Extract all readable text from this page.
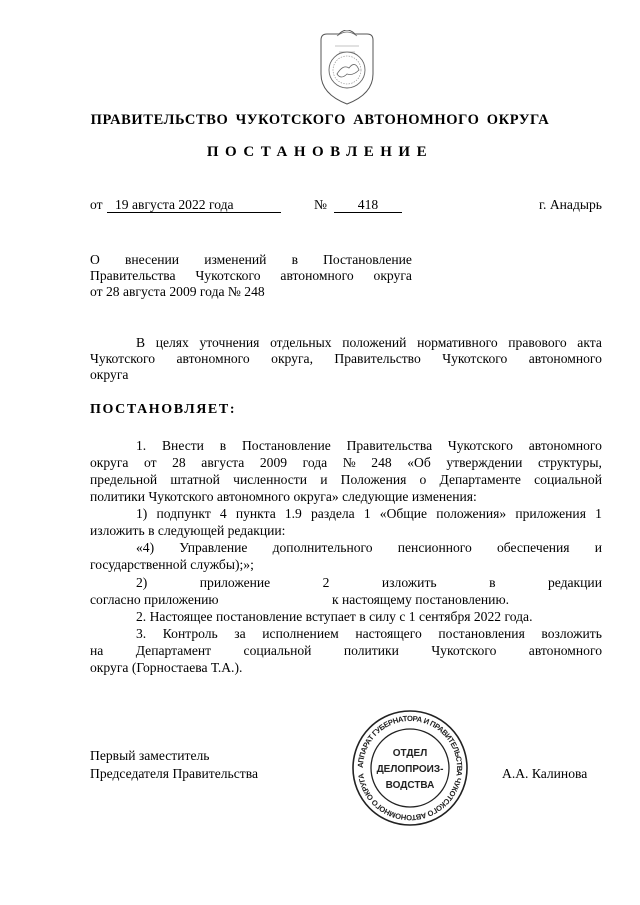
ПРАВИТЕЛЬСТВО ЧУКОТСКОГО АВТОНОМНОГО ОКРУГА
ПОСТАНОВЛЕНИЕ
от 19 августа 2022 года	№	418	г. Анадырь
О внесении изменений в Постановление
Правительства Чукотского автономного округа
от 28 августа 2009 года № 248
В целях уточнения отдельных положений нормативного правового акта
Чукотского автономного округа, Правительство Чукотского автономного
округа
ПОСТАНОВЛЯЕТ:
1. Внести в Постановление Правительства Чукотского автономного
округа от 28 августа 2009 года № 248 «Об утверждении структуры,
предельной штатной численности и Положения о Департаменте социальной
политики Чукотского автономного округа» следующие изменения:
1) подпункт 4 пункта 1.9 раздела 1 «Общие положения» приложения 1
изложить в следующей редакции:
«4) Управление дополнительного пенсионного обеспечения и
государственной службы);»;
2)	приложение	2	изложить	в	редакции
согласно приложению	к настоящему постановлению.
2. Настоящее постановление вступает в силу с 1 сентября 2022 года.
3. Контроль за исполнением настоящего постановления возложить
на Департамент социальной политики Чукотского автономного
округа (Горностаева Т.А.).
Первый заместитель
Председателя Правительства	А.А. Калинова
АППАРАТ ГУБЕРНАТОРА И ПРАВИТЕЛЬСТВА ЧУКОТСКОГО АВТОНОМНОГО ОКРУГА
ОТДЕЛ
ДЕЛОПРОИЗ-
ВОДСТВА
